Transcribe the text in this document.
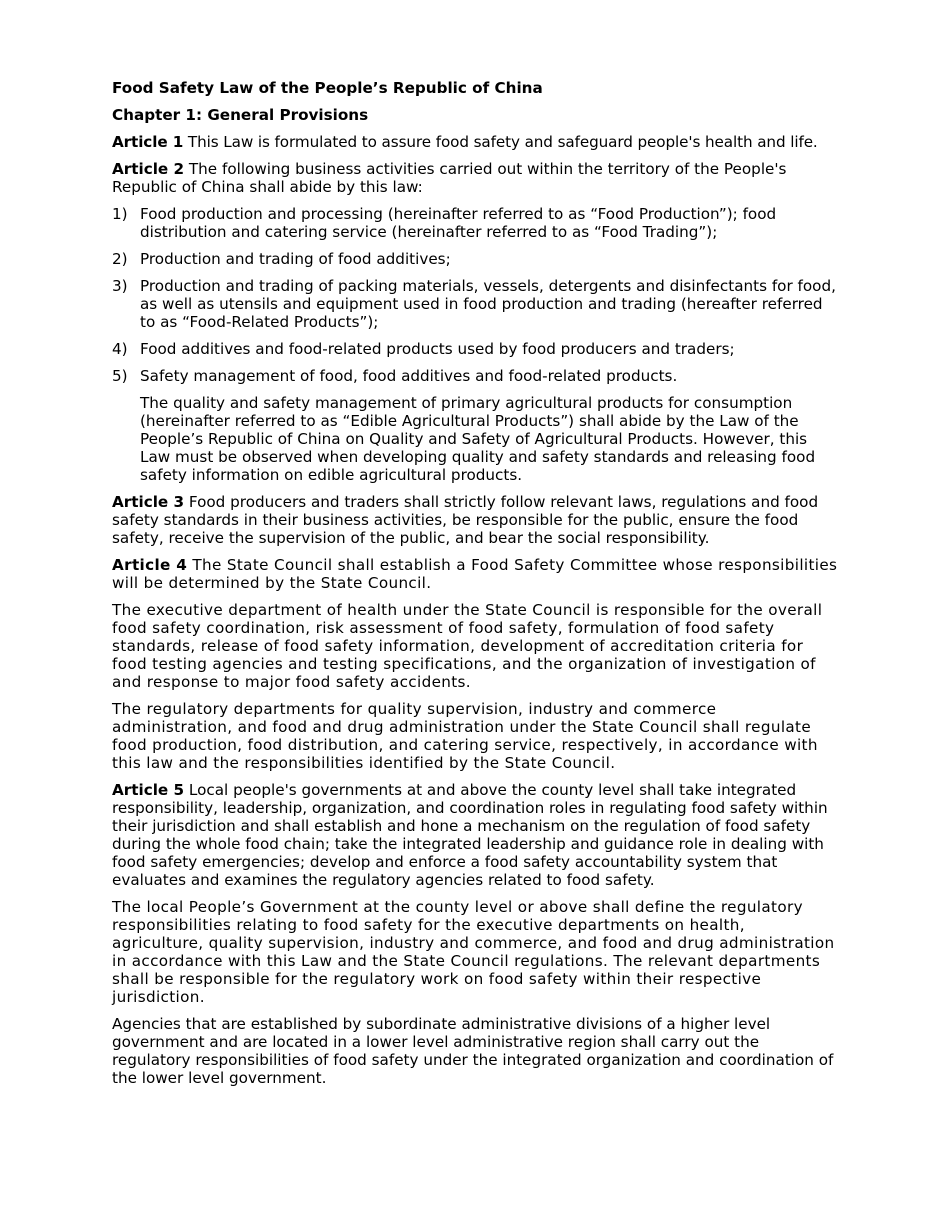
Food Safety Law of the People’s Republic of China

Chapter 1: General Provisions

Article 1 This Law is formulated to assure food safety and safeguard people's health and life.

Article 2 The following business activities carried out within the territory of the People's Republic of China shall abide by this law:

1) Food production and processing (hereinafter referred to as “Food Production”); food distribution and catering service (hereinafter referred to as “Food Trading”);
2) Production and trading of food additives;
3) Production and trading of packing materials, vessels, detergents and disinfectants for food, as well as utensils and equipment used in food production and trading (hereafter referred to as “Food-Related Products”);
4) Food additives and food-related products used by food producers and traders;
5) Safety management of food, food additives and food-related products.

The quality and safety management of primary agricultural products for consumption (hereinafter referred to as “Edible Agricultural Products”) shall abide by the Law of the People’s Republic of China on Quality and Safety of Agricultural Products. However, this Law must be observed when developing quality and safety standards and releasing food safety information on edible agricultural products.

Article 3 Food producers and traders shall strictly follow relevant laws, regulations and food safety standards in their business activities, be responsible for the public, ensure the food safety, receive the supervision of the public, and bear the social responsibility.

Article 4 The State Council shall establish a Food Safety Committee whose responsibilities will be determined by the State Council.

The executive department of health under the State Council is responsible for the overall food safety coordination, risk assessment of food safety, formulation of food safety standards, release of food safety information, development of accreditation criteria for food testing agencies and testing specifications, and the organization of investigation of and response to major food safety accidents.

The regulatory departments for quality supervision, industry and commerce administration, and food and drug administration under the State Council shall regulate food production, food distribution, and catering service, respectively, in accordance with this law and the responsibilities identified by the State Council.

Article 5 Local people's governments at and above the county level shall take integrated responsibility, leadership, organization, and coordination roles in regulating food safety within their jurisdiction and shall establish and hone a mechanism on the regulation of food safety during the whole food chain; take the integrated leadership and guidance role in dealing with food safety emergencies; develop and enforce a food safety accountability system that evaluates and examines the regulatory agencies related to food safety.

The local People’s Government at the county level or above shall define the regulatory responsibilities relating to food safety for the executive departments on health, agriculture, quality supervision, industry and commerce, and food and drug administration in accordance with this Law and the State Council regulations. The relevant departments shall be responsible for the regulatory work on food safety within their respective jurisdiction.

Agencies that are established by subordinate administrative divisions of a higher level government and are located in a lower level administrative region shall carry out the regulatory responsibilities of food safety under the integrated organization and coordination of the lower level government.
